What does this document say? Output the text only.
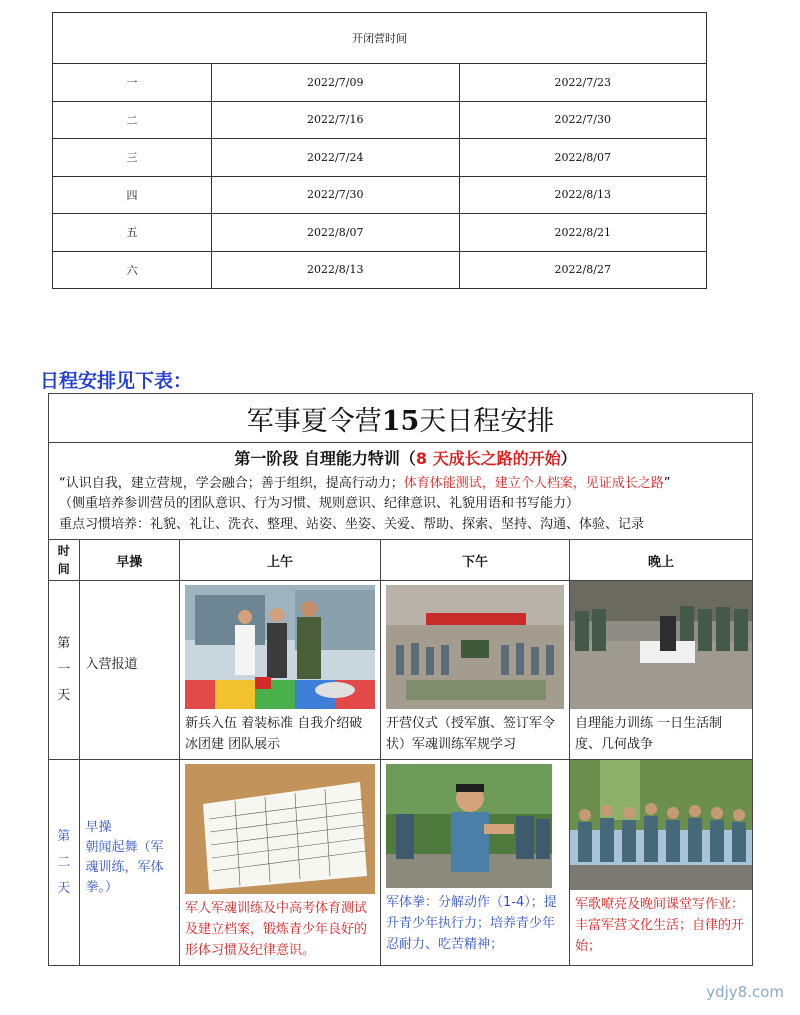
开闭营时间		
一	2022/7/09	2022/7/23
二	2022/7/16	2022/7/30
三	2022/7/24	2022/8/07
四	2022/7/30	2022/8/13
五	2022/8/07	2022/8/21
六	2022/8/13	2022/8/27
日程安排见下表：
军事夏令营15天日程安排				

第一阶段 自理能力特训（8 天成长之路的开始）

“认识自我，建立营规，学会融合；善于组织，提高行动力；体育体能测试，建立个人档案，见证成长之路”
（侧重培养参训营员的团队意识、行为习惯、规则意识、纪律意识、礼貌用语和书写能力）
重点习惯培养：礼貌、礼让、洗衣、整理、站姿、坐姿、关爱、帮助、探索、坚持、沟通、体验、记录				

时间	早操	上午	下午	晚上
第一天	入营报道	新兵入伍 着装标准 自我介绍破冰团建 团队展示	开营仪式（授军旗、签订军令状）军魂训练军规学习	自理能力训练 一日生活制度、几何战争

第二天	早操
朝闻起舞（军魂训练，军体拳。）	军人军魂训练及中高考体育测试及建立档案，锻炼青少年良好的形体习惯及纪律意识。	军体拳：分解动作（1-4）；提升青少年执行力；培养青少年忍耐力、吃苦精神；	军歌嘹亮及晚间课堂写作业：丰富军营文化生活；自律的开始；
ydjy8.com
